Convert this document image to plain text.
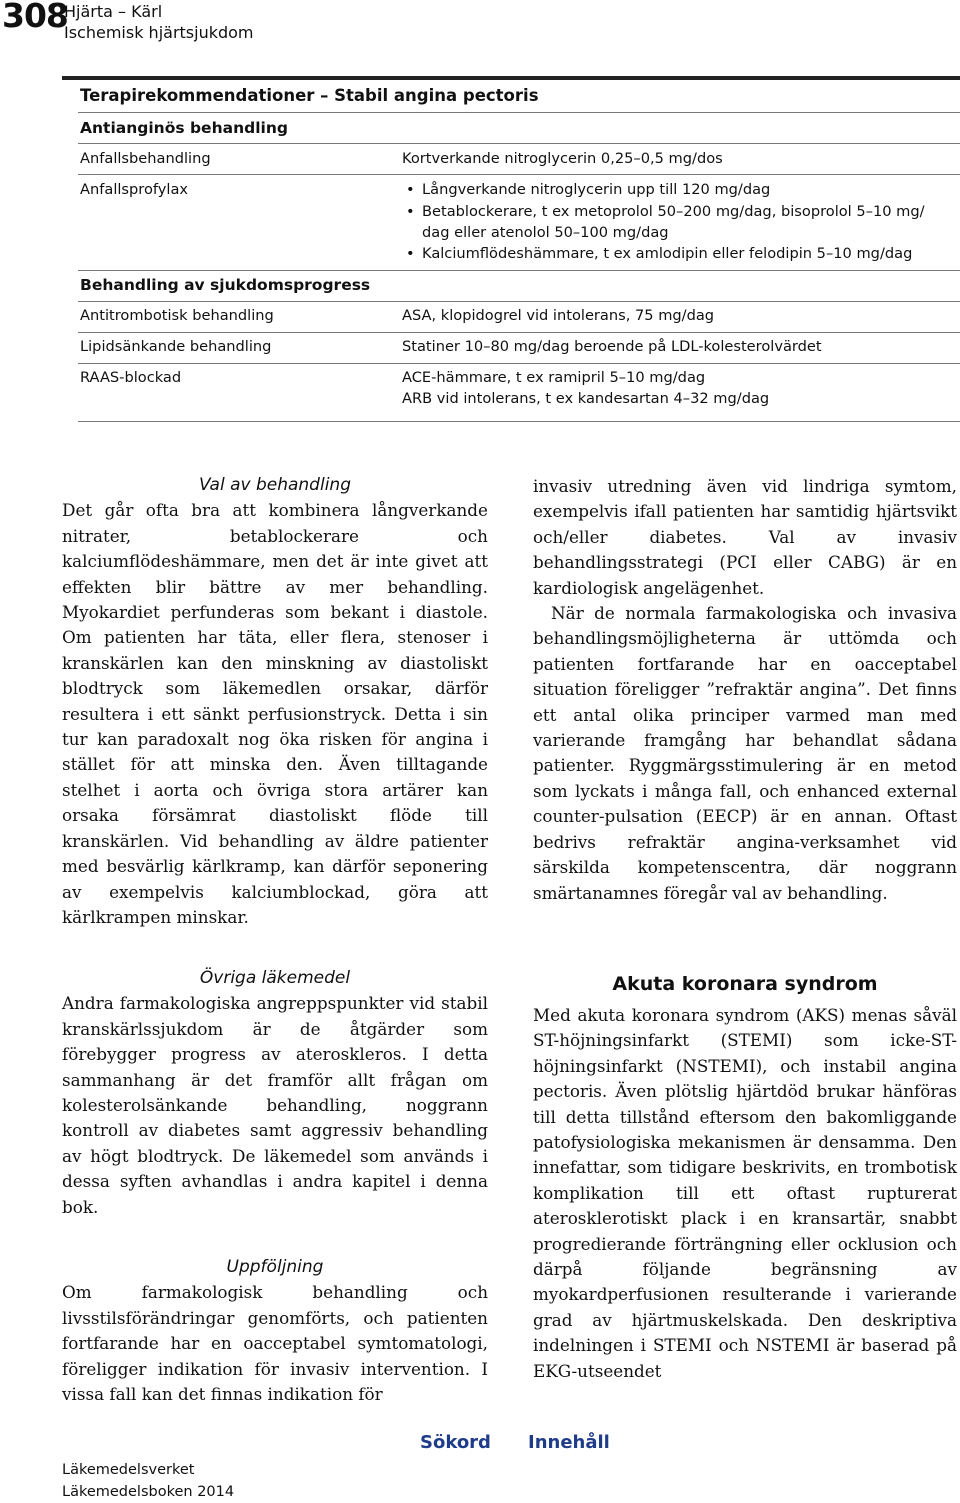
308
Hjärta – Kärl
Ischemisk hjärtsjukdom
Terapirekommendationer – Stabil angina pectoris
Antianginös behandling
Anfallsbehandling	Kortverkande nitroglycerin 0,25–0,5 mg/dos
Anfallsprofylax
•	Långverkande nitroglycerin upp till 120 mg/dag
• Betablockerare, t ex metoprolol 50–200 mg/dag, bisoprolol 5–10 mg/
dag eller atenolol 50–100 mg/dag
• Kalciumflödeshämmare, t ex amlodipin eller felodipin 5–10 mg/dag
Behandling av sjukdomsprogress
Antitrombotisk behandling	ASA, klopidogrel vid intolerans, 75 mg/dag
Lipidsänkande behandling	Statiner 10–80 mg/dag beroende på LDL-kolesterolvärdet
RAAS-blockad	ACE-hämmare, t ex ramipril 5–10 mg/dag
ARB vid intolerans, t ex kandesartan 4–32 mg/dag
Val av behandling

Det går ofta bra att kombinera långverkande nitrater, betablockerare och kalciumflödeshämmare, men det är inte givet att effekten blir bättre av mer behandling. Myokardiet perfunderas som bekant i diastole. Om patienten har täta, eller flera, stenoser i kranskärlen kan den minskning av diastoliskt blodtryck som läkemedlen orsakar, därför resultera i ett sänkt perfusionstryck. Detta i sin tur kan paradoxalt nog öka risken för angina i stället för att minska den. Även tilltagande stelhet i aorta och övriga stora artärer kan orsaka försämrat diastoliskt flöde till kranskärlen. Vid behandling av äldre patienter med besvärlig kärlkramp, kan därför seponering av exempelvis kalciumblockad, göra att kärlkrampen minskar.

Övriga läkemedel

Andra farmakologiska angreppspunkter vid stabil kranskärlssjukdom är de åtgärder som förebygger progress av ateroskleros. I detta sammanhang är det framför allt frågan om kolesterolsänkande behandling, noggrann kontroll av diabetes samt aggressiv behandling av högt blodtryck. De läkemedel som används i dessa syften avhandlas i andra kapitel i denna bok.

Uppföljning

Om farmakologisk behandling och livsstilsförändringar genomförts, och patienten fortfarande har en oacceptabel symtomatologi, föreligger indikation för invasiv intervention. I vissa fall kan det finnas indikation för

invasiv utredning även vid lindriga symtom, exempelvis ifall patienten har samtidig hjärtsvikt och/eller diabetes. Val av invasiv behandlingsstrategi (PCI eller CABG) är en kardiologisk angelägenhet.

När de normala farmakologiska och invasiva behandlingsmöjligheterna är uttömda och patienten fortfarande har en oacceptabel situation föreligger ”refraktär angina”. Det finns ett antal olika principer varmed man med varierande framgång har behandlat sådana patienter. Ryggmärgsstimulering är en metod som lyckats i många fall, och enhanced external counter-pulsation (EECP) är en annan. Oftast bedrivs refraktär angina-verksamhet vid särskilda kompetenscentra, där noggrann smärtanamnes föregår val av behandling.

Akuta koronara syndrom

Med akuta koronara syndrom (AKS) menas såväl ST-höjningsinfarkt (STEMI) som icke-ST-höjningsinfarkt (NSTEMI), och instabil angina pectoris. Även plötslig hjärtdöd brukar hänföras till detta tillstånd eftersom den bakomliggande patofysiologiska mekanismen är densamma. Den innefattar, som tidigare beskrivits, en trombotisk komplikation till ett oftast rupturerat aterosklerotiskt plack i en kransartär, snabbt progredierande förträngning eller ocklusion och därpå följande begränsning av myokardperfusionen resulterande i varierande grad av hjärtmuskelskada. Den deskriptiva indelningen i STEMI och NSTEMI är baserad på EKG-utseendet

Sökord Innehåll
Läkemedelsverket
Läkemedelsboken 2014
